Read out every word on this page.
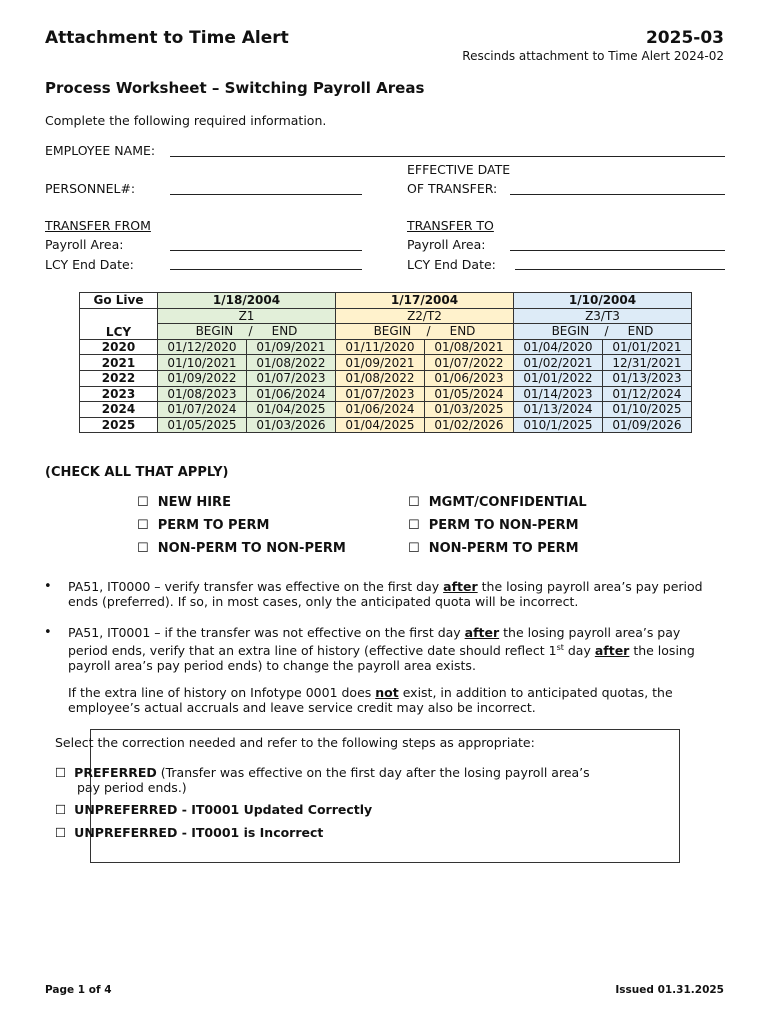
Attachment to Time Alert	2025-03
Rescinds attachment to Time Alert 2024-02
Process Worksheet – Switching Payroll Areas
Complete the following required information.
EMPLOYEE NAME:
EFFECTIVE DATE
PERSONNEL#:	OF TRANSFER:
TRANSFER FROM	TRANSFER TO
Payroll Area:	Payroll Area:
LCY End Date:	LCY End Date:
Go Live	1/18/2004		1/17/2004		1/10/2004	
LCY	Z1		Z2/T2		Z3/T3	
	BEGIN / END		BEGIN / END		BEGIN / END	
2020	01/12/2020	01/09/2021	01/11/2020	01/08/2021	01/04/2020	01/01/2021
2021	01/10/2021	01/08/2022	01/09/2021	01/07/2022	01/02/2021	12/31/2021
2022	01/09/2022	01/07/2023	01/08/2022	01/06/2023	01/01/2022	01/13/2023
2023	01/08/2023	01/06/2024	01/07/2023	01/05/2024	01/14/2023	01/12/2024
2024	01/07/2024	01/04/2025	01/06/2024	01/03/2025	01/13/2024	01/10/2025
2025	01/05/2025	01/03/2026	01/04/2025	01/02/2026	010/1/2025	01/09/2026
(CHECK ALL THAT APPLY)
☐ NEW HIRE
☐ PERM TO PERM
☐ NON-PERM TO NON-PERM
☐ MGMT/CONFIDENTIAL
☐ PERM TO NON-PERM
☐ NON-PERM TO PERM
• PA51, IT0000 – verify transfer was effective on the first day after the losing payroll area’s pay period ends (preferred). If so, in most cases, only the anticipated quota will be incorrect.
• PA51, IT0001 – if the transfer was not effective on the first day after the losing payroll area’s pay period ends, verify that an extra line of history (effective date should reflect 1st day after the losing payroll area’s pay period ends) to change the payroll area exists.
If the extra line of history on Infotype 0001 does not exist, in addition to anticipated quotas, the employee’s actual accruals and leave service credit may also be incorrect.
Select the correction needed and refer to the following steps as appropriate:
☐ PREFERRED (Transfer was effective on the first day after the losing payroll area’s
pay period ends.)
☐ UNPREFERRED - IT0001 Updated Correctly
☐ UNPREFERRED - IT0001 is Incorrect
Page 1 of 4	Issued 01.31.2025
